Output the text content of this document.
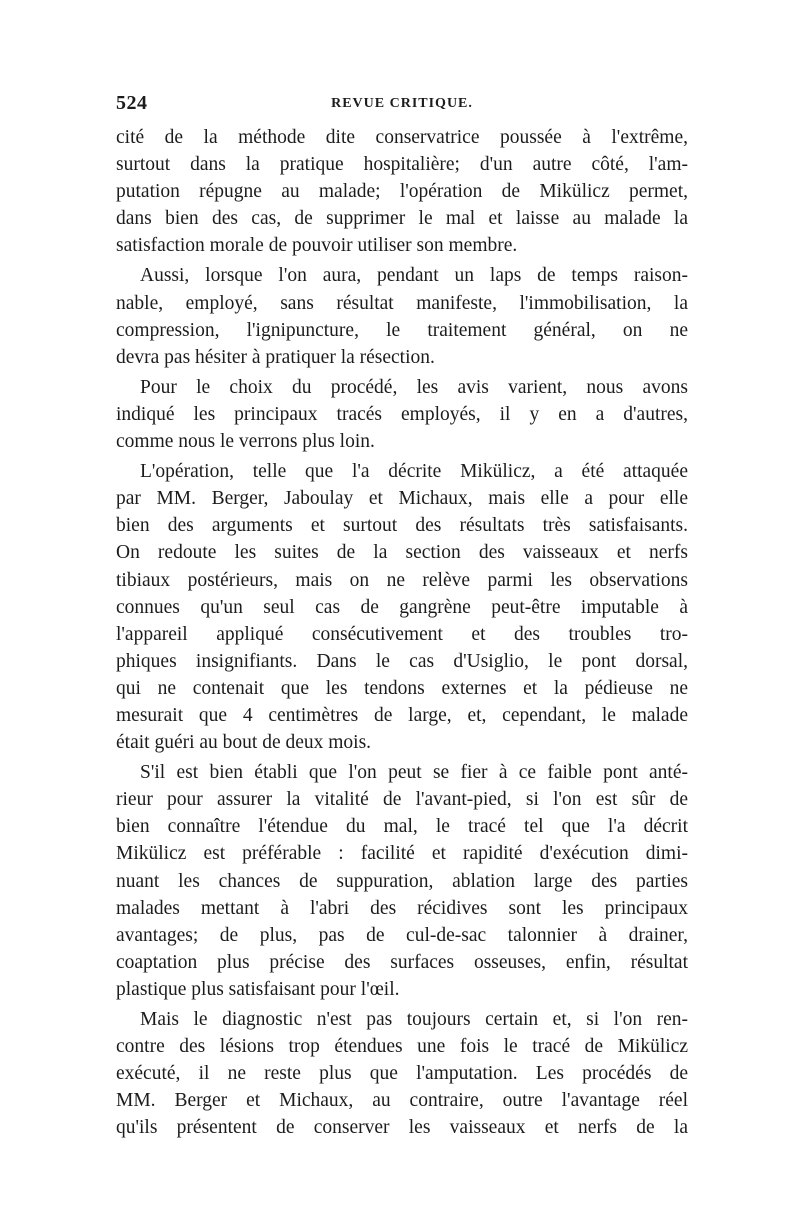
524	REVUE CRITIQUE.
cité de la méthode dite conservatrice poussée à l'extrême,
surtout dans la pratique hospitalière; d'un autre côté, l'am-
putation répugne au malade; l'opération de Mikülicz permet,
dans bien des cas, de supprimer le mal et laisse au malade la
satisfaction morale de pouvoir utiliser son membre.
Aussi, lorsque l'on aura, pendant un laps de temps raison-
nable, employé, sans résultat manifeste, l'immobilisation, la
compression, l'ignipuncture, le traitement général, on ne
devra pas hésiter à pratiquer la résection.
Pour le choix du procédé, les avis varient, nous avons
indiqué les principaux tracés employés, il y en a d'autres,
comme nous le verrons plus loin.
L'opération, telle que l'a décrite Mikülicz, a été attaquée
par MM. Berger, Jaboulay et Michaux, mais elle a pour elle
bien des arguments et surtout des résultats très satisfaisants.
On redoute les suites de la section des vaisseaux et nerfs
tibiaux postérieurs, mais on ne relève parmi les observations
connues qu'un seul cas de gangrène peut-être imputable à
l'appareil appliqué consécutivement et des troubles tro-
phiques insignifiants. Dans le cas d'Usiglio, le pont dorsal,
qui ne contenait que les tendons externes et la pédieuse ne
mesurait que 4 centimètres de large, et, cependant, le malade
était guéri au bout de deux mois.
S'il est bien établi que l'on peut se fier à ce faible pont anté-
rieur pour assurer la vitalité de l'avant-pied, si l'on est sûr de
bien connaître l'étendue du mal, le tracé tel que l'a décrit
Mikülicz est préférable : facilité et rapidité d'exécution dimi-
nuant les chances de suppuration, ablation large des parties
malades mettant à l'abri des récidives sont les principaux
avantages; de plus, pas de cul-de-sac talonnier à drainer,
coaptation plus précise des surfaces osseuses, enfin, résultat
plastique plus satisfaisant pour l'œil.
Mais le diagnostic n'est pas toujours certain et, si l'on ren-
contre des lésions trop étendues une fois le tracé de Mikülicz
exécuté, il ne reste plus que l'amputation. Les procédés de
MM. Berger et Michaux, au contraire, outre l'avantage réel
qu'ils présentent de conserver les vaisseaux et nerfs de la
